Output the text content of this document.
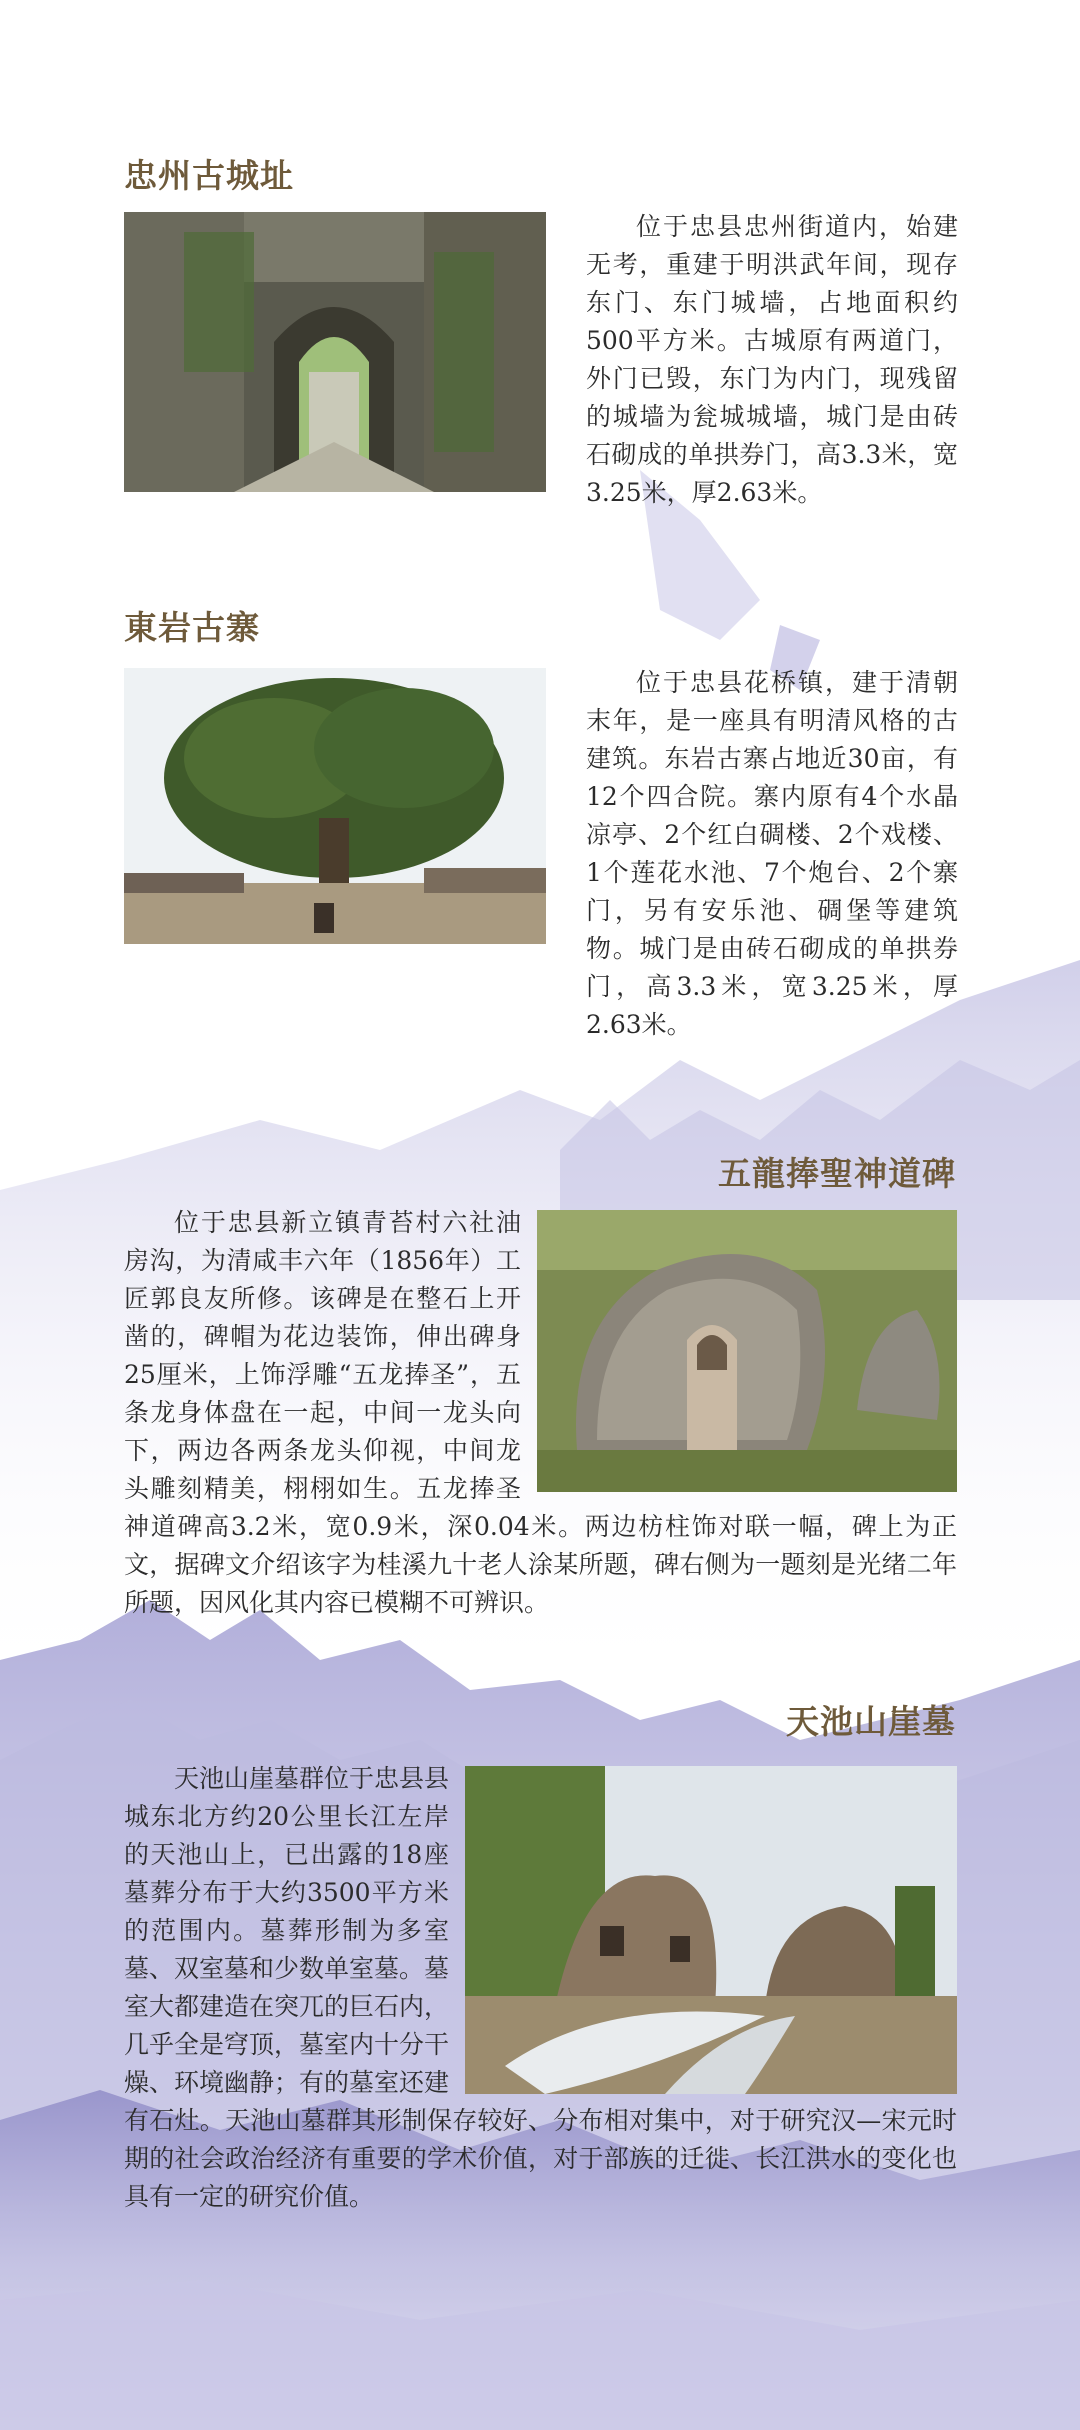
忠州古城址

位于忠县忠州街道内，始建无考，重建于明洪武年间，现存东门、东门城墙，占地面积约500平方米。古城原有两道门，外门已毁，东门为内门，现残留的城墙为瓮城城墙，城门是由砖石砌成的单拱券门，高3.3米，宽3.25米，厚2.63米。

東岩古寨

位于忠县花桥镇，建于清朝末年，是一座具有明清风格的古建筑。东岩古寨占地近30亩，有12个四合院。寨内原有4个水晶凉亭、2个红白碉楼、2个戏楼、1个莲花水池、7个炮台、2个寨门，另有安乐池、碉堡等建筑物。城门是由砖石砌成的单拱券门，高3.3米，宽3.25米，厚2.63米。

五龍捧聖神道碑

位于忠县新立镇青苔村六社油房沟，为清咸丰六年（1856年）工匠郭良友所修。该碑是在整石上开凿的，碑帽为花边装饰，伸出碑身25厘米，上饰浮雕“五龙捧圣”，五条龙身体盘在一起，中间一龙头向下，两边各两条龙头仰视，中间龙头雕刻精美，栩栩如生。五龙捧圣神道碑高3.2米，宽0.9米，深0.04米。两边枋柱饰对联一幅，碑上为正文，据碑文介绍该字为桂溪九十老人涂某所题，碑右侧为一题刻是光绪二年所题，因风化其内容已模糊不可辨识。

天池山崖墓

天池山崖墓群位于忠县县城东北方约20公里长江左岸的天池山上，已出露的18座墓葬分布于大约3500平方米的范围内。墓葬形制为多室墓、双室墓和少数单室墓。墓室大都建造在突兀的巨石内，几乎全是穹顶，墓室内十分干燥、环境幽静；有的墓室还建有石灶。天池山墓群其形制保存较好、分布相对集中，对于研究汉—宋元时期的社会政治经济有重要的学术价值，对于部族的迁徙、长江洪水的变化也具有一定的研究价值。
